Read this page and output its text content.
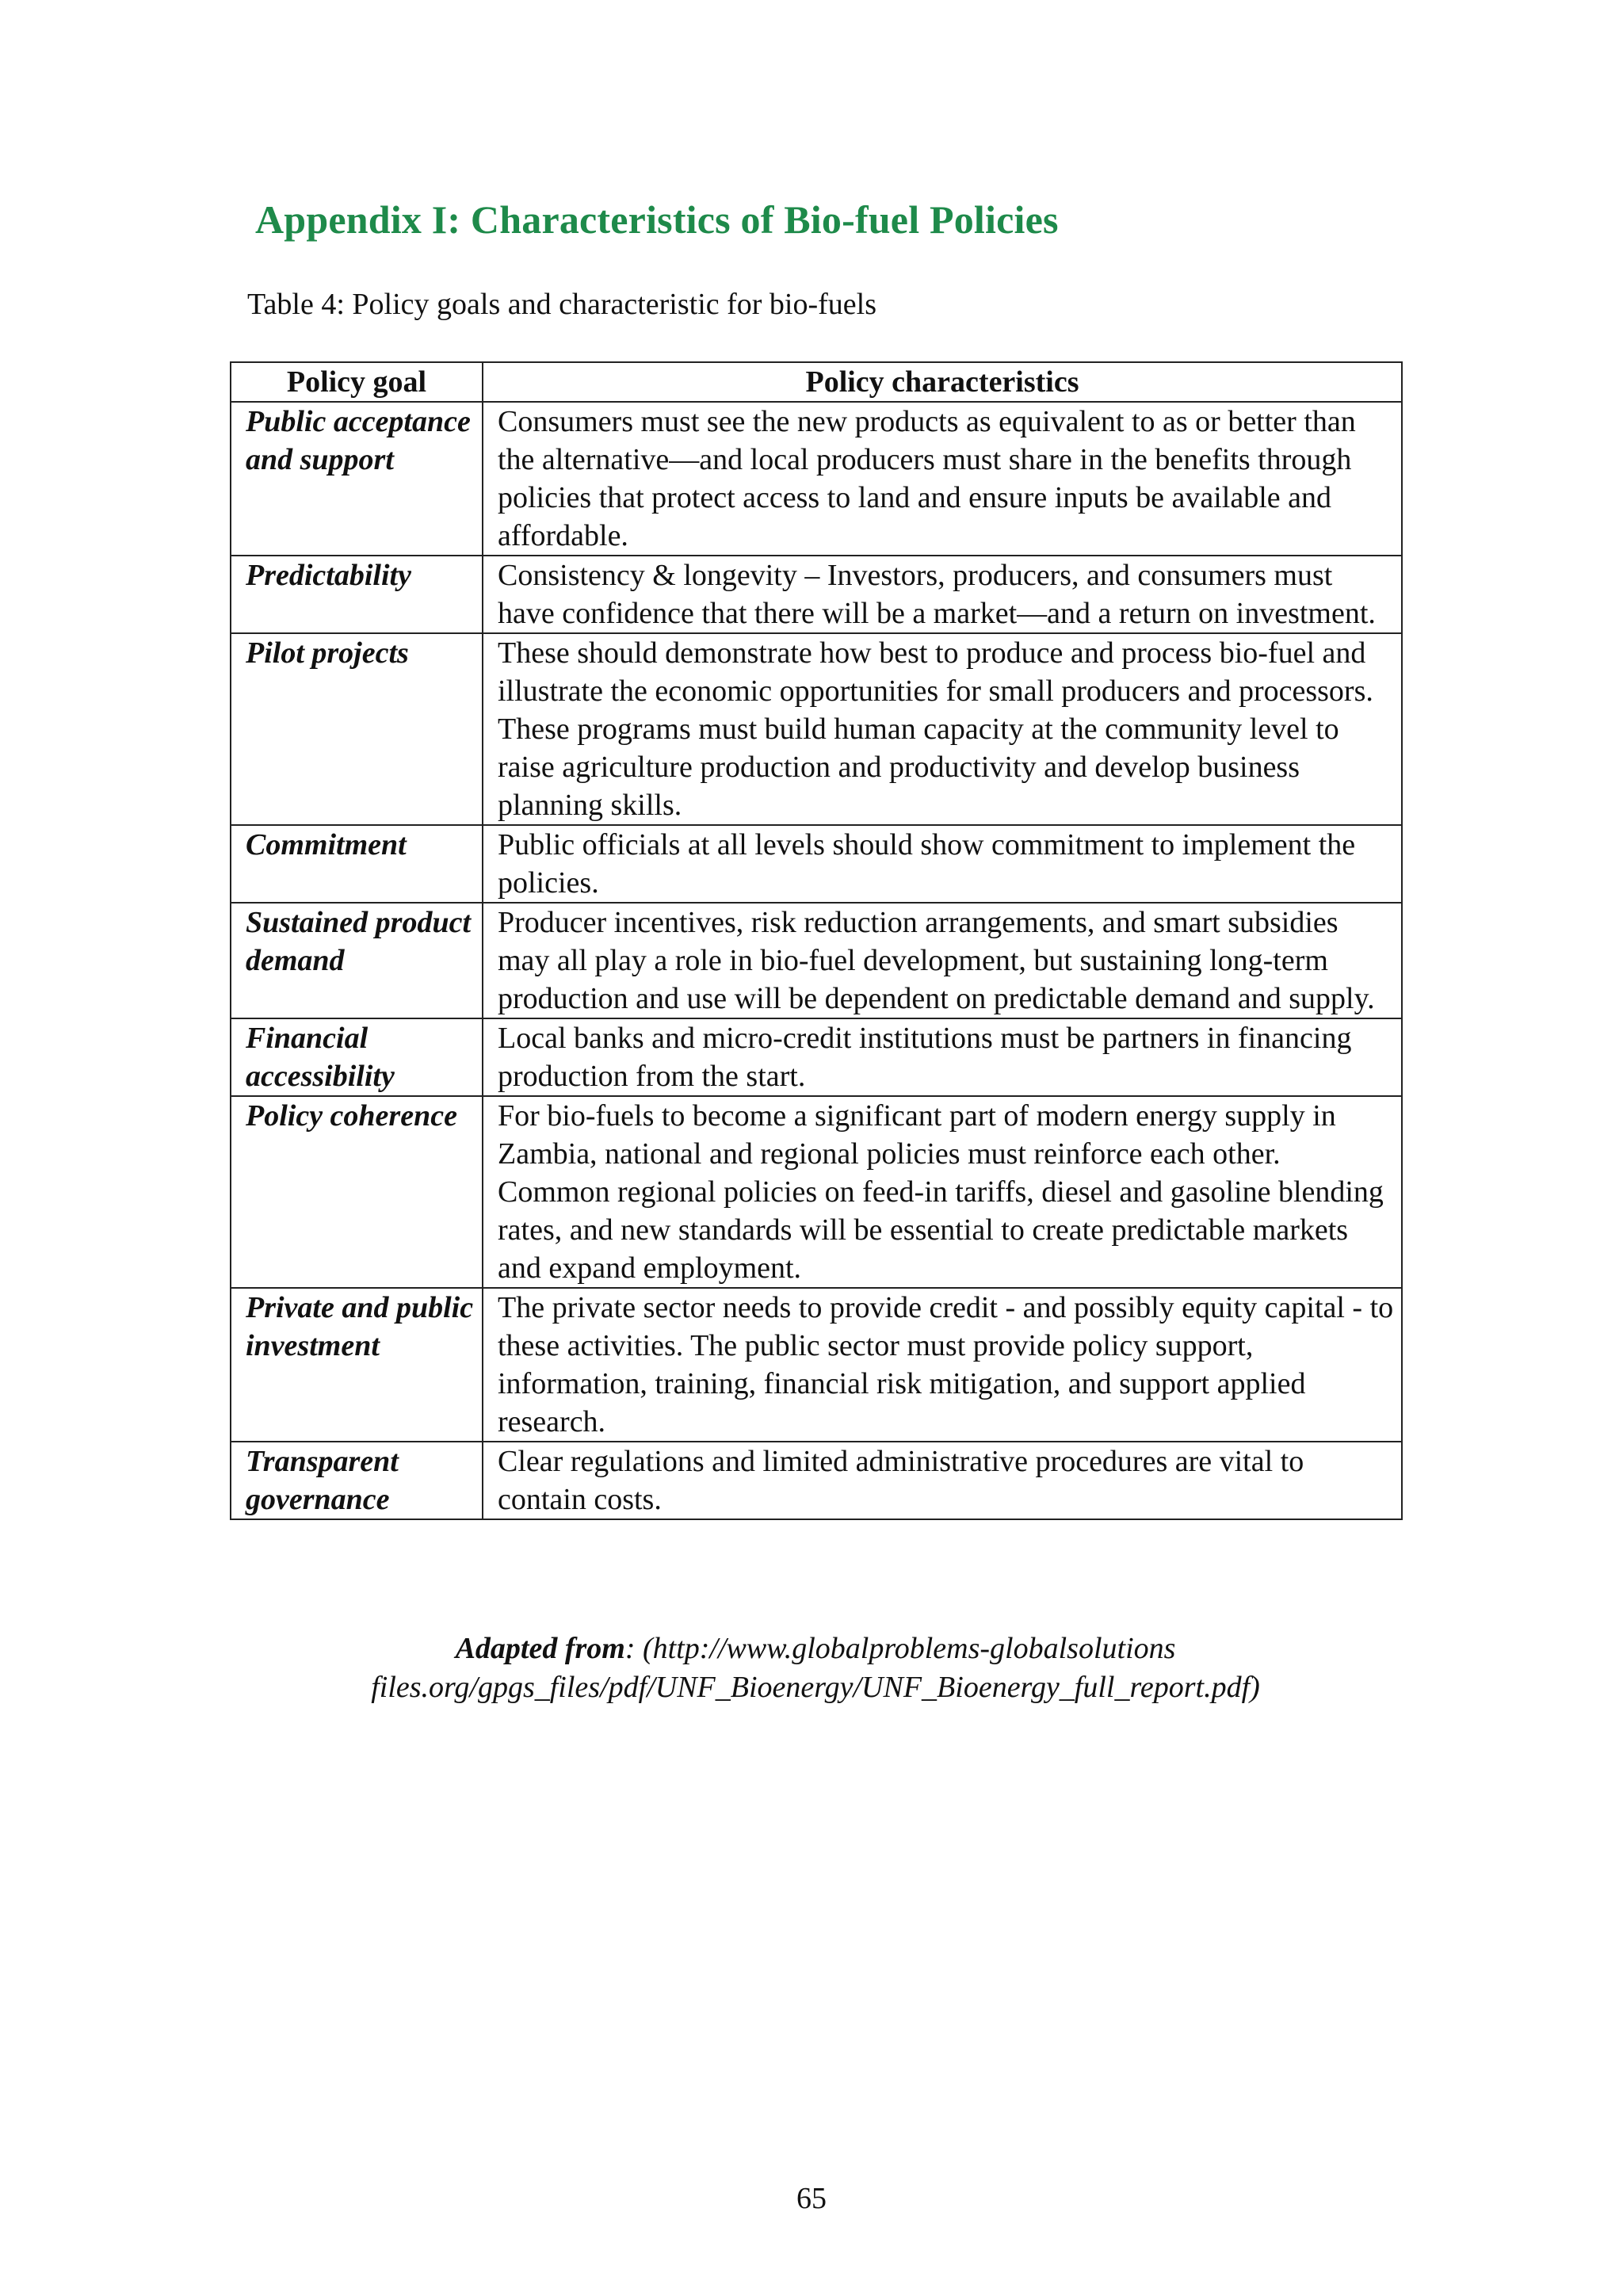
Appendix I: Characteristics of Bio-fuel Policies
Table 4: Policy goals and characteristic for bio-fuels
Policy goal	Policy characteristics
Public acceptance and support	Consumers must see the new products as equivalent to as or better than the alternative—and local producers must share in the benefits through policies that protect access to land and ensure inputs be available and affordable.
Predictability	Consistency & longevity – Investors, producers, and consumers must have confidence that there will be a market—and a return on investment.
Pilot projects	These should demonstrate how best to produce and process bio-fuel and illustrate the economic opportunities for small producers and processors. These programs must build human capacity at the community level to raise agriculture production and productivity and develop business planning skills.
Commitment	Public officials at all levels should show commitment to implement the policies.
Sustained product demand	Producer incentives, risk reduction arrangements, and smart subsidies may all play a role in bio-fuel development, but sustaining long-term production and use will be dependent on predictable demand and supply.
Financial accessibility	Local banks and micro-credit institutions must be partners in financing production from the start.
Policy coherence	For bio-fuels to become a significant part of modern energy supply in Zambia, national and regional policies must reinforce each other. Common regional policies on feed-in tariffs, diesel and gasoline blending rates, and new standards will be essential to create predictable markets and expand employment.
Private and public investment	The private sector needs to provide credit - and possibly equity capital - to these activities. The public sector must provide policy support, information, training, financial risk mitigation, and support applied research.
Transparent governance	Clear regulations and limited administrative procedures are vital to contain costs.
Adapted from: (http://www.globalproblems-globalsolutions
files.org/gpgs_files/pdf/UNF_Bioenergy/UNF_Bioenergy_full_report.pdf)
65
